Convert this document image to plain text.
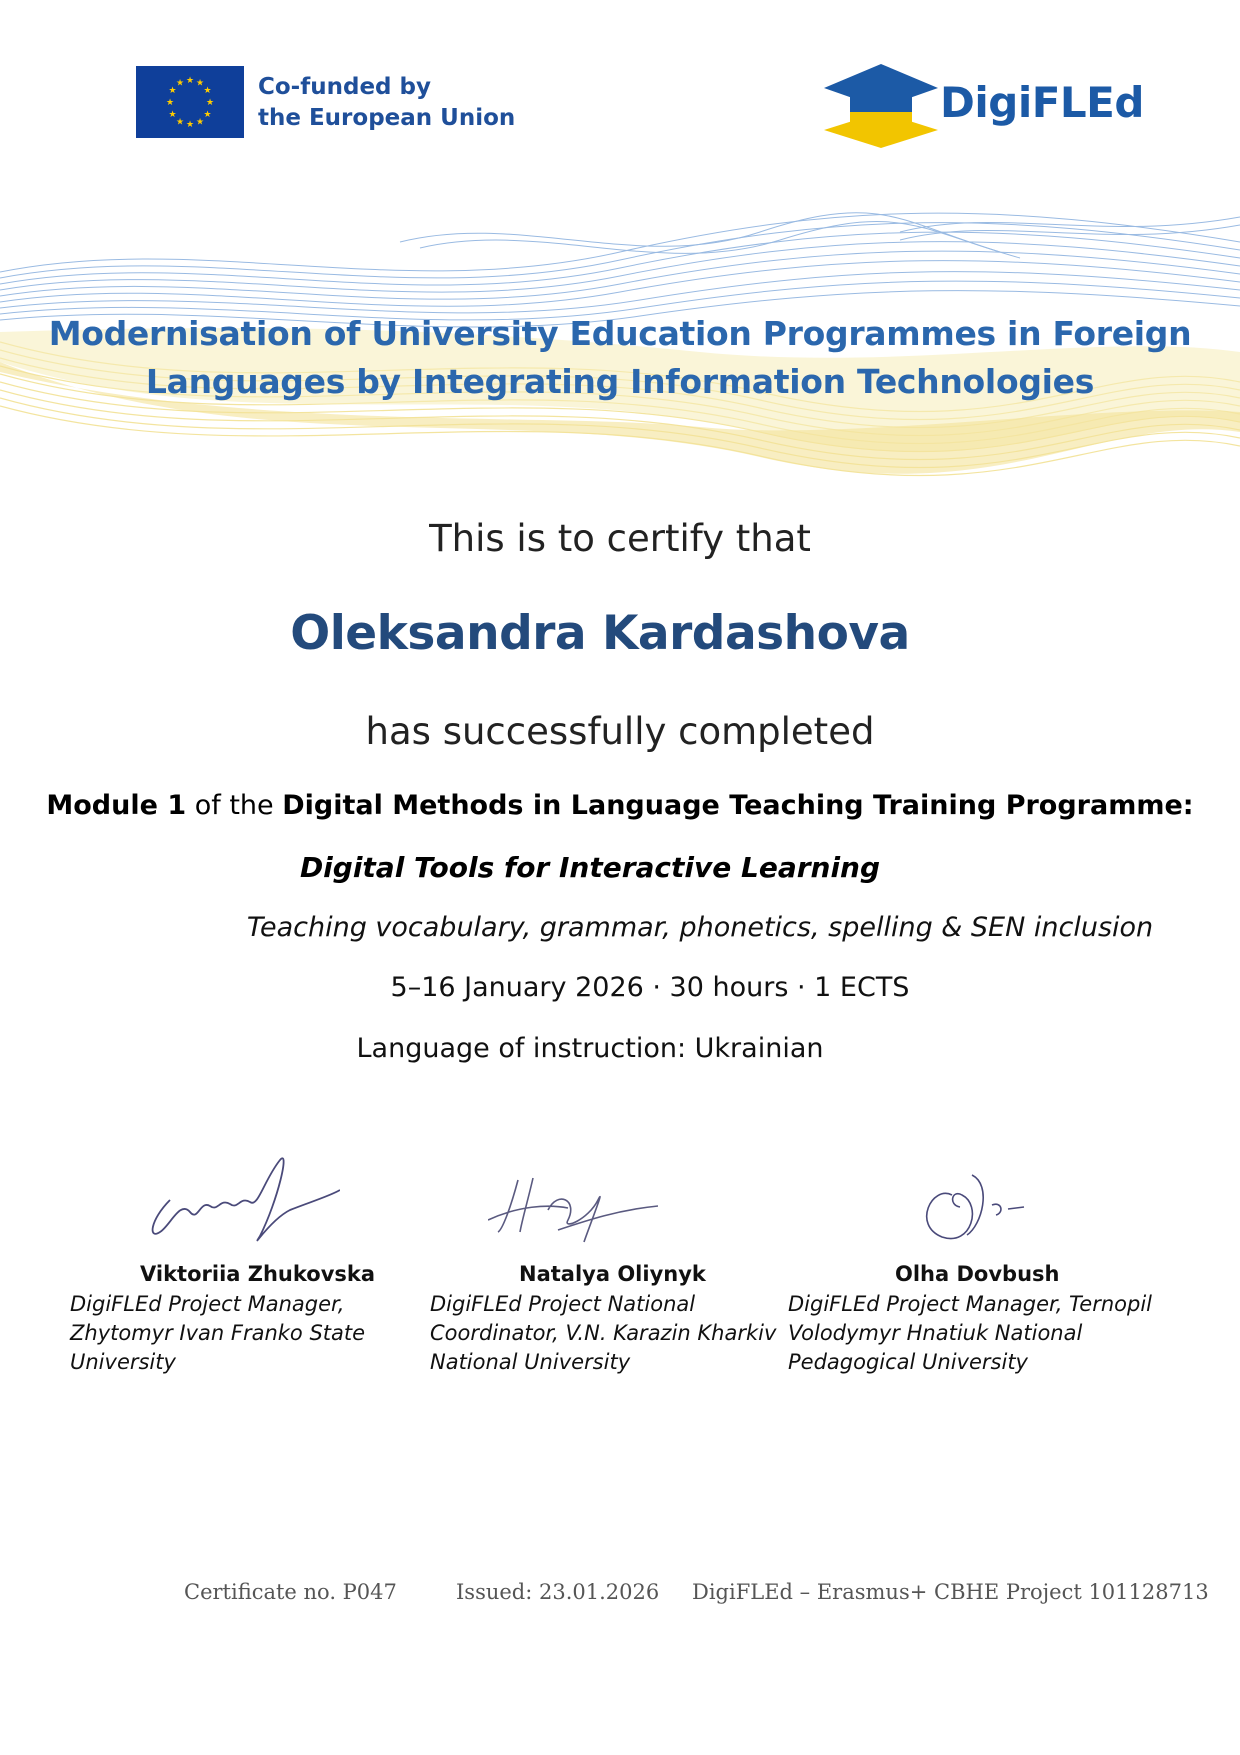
★ ★
★
★
★
★
★
★
★
★
★
★	Co-funded by
the European Union	DigiFLEd
Modernisation of University Education Programmes in Foreign
Languages by Integrating Information Technologies
This is to certify that
Oleksandra Kardashova
has successfully completed
Module 1 of the Digital Methods in Language Teaching Training Programme:
Digital Tools for Interactive Learning
Teaching vocabulary, grammar, phonetics, spelling & SEN inclusion
5–16 January 2026 · 30 hours · 1 ECTS
Language of instruction: Ukrainian
Viktoriia Zhukovska
DigiFLEd Project Manager,
Zhytomyr Ivan Franko State
University
Natalya Oliynyk
DigiFLEd Project National
Coordinator, V.N. Karazin Kharkiv
National University
Olha Dovbush
DigiFLEd Project Manager, Ternopil
Volodymyr Hnatiuk National
Pedagogical University
Certificate no. P047	Issued: 23.01.2026 DigiFLEd – Erasmus+ CBHE Project 101128713
